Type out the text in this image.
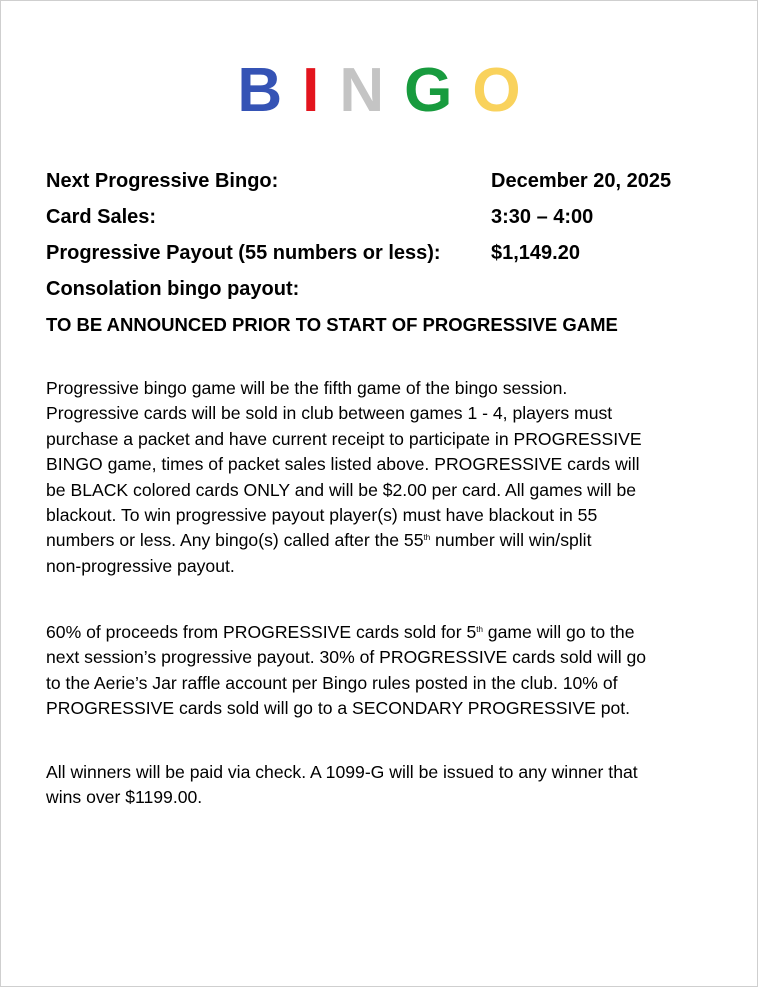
B I N G O
Next Progressive Bingo:	December 20, 2025
Card Sales:	3:30 – 4:00
Progressive Payout (55 numbers or less):	$1,149.20
Consolation bingo payout:
TO BE ANNOUNCED PRIOR TO START OF PROGRESSIVE GAME

Progressive bingo game will be the fifth game of the bingo session.
Progressive cards will be sold in club between games 1 - 4, players must
purchase a packet and have current receipt to participate in PROGRESSIVE
BINGO game, times of packet sales listed above. PROGRESSIVE cards will
be BLACK colored cards ONLY and will be $2.00 per card. All games will be
blackout. To win progressive payout player(s) must have blackout in 55
numbers or less. Any bingo(s) called after the 55th number will win/split
non-progressive payout.

60% of proceeds from PROGRESSIVE cards sold for 5th game will go to the
next session’s progressive payout. 30% of PROGRESSIVE cards sold will go
to the Aerie’s Jar raffle account per Bingo rules posted in the club. 10% of
PROGRESSIVE cards sold will go to a SECONDARY PROGRESSIVE pot.

All winners will be paid via check. A 1099-G will be issued to any winner that
wins over $1199.00.
